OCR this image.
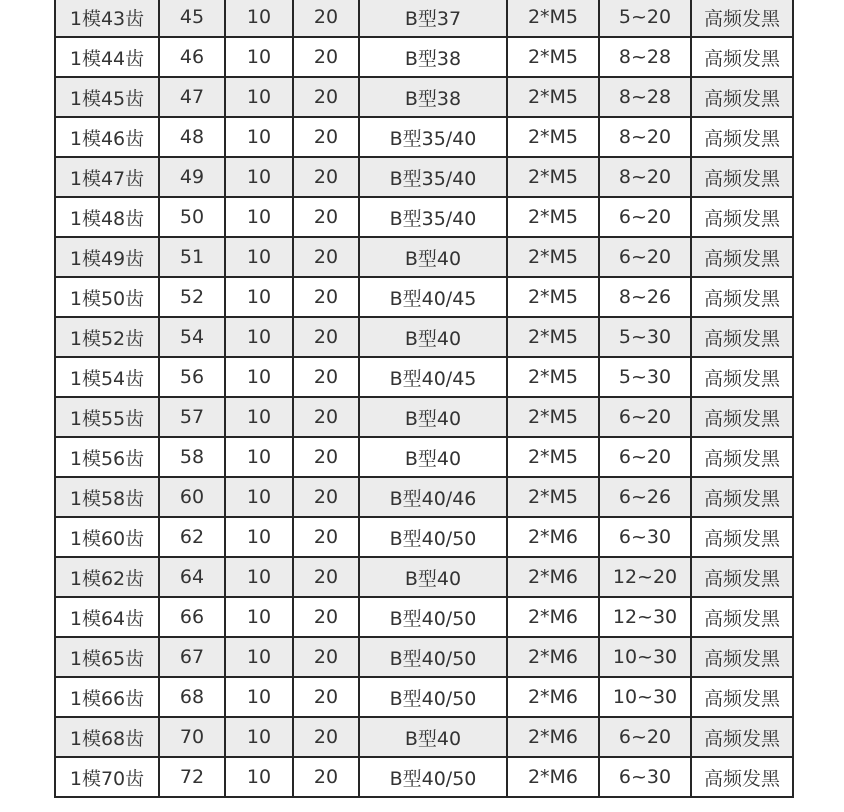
1模43齿	45	10	20	B型37	2*M5	5~20	高频发黑
1模44齿	46	10	20	B型38	2*M5	8~28	高频发黑
1模45齿	47	10	20	B型38	2*M5	8~28	高频发黑
1模46齿	48	10	20	B型35/40	2*M5	8~20	高频发黑
1模47齿	49	10	20	B型35/40	2*M5	8~20	高频发黑
1模48齿	50	10	20	B型35/40	2*M5	6~20	高频发黑
1模49齿	51	10	20	B型40	2*M5	6~20	高频发黑
1模50齿	52	10	20	B型40/45	2*M5	8~26	高频发黑
1模52齿	54	10	20	B型40	2*M5	5~30	高频发黑
1模54齿	56	10	20	B型40/45	2*M5	5~30	高频发黑
1模55齿	57	10	20	B型40	2*M5	6~20	高频发黑
1模56齿	58	10	20	B型40	2*M5	6~20	高频发黑
1模58齿	60	10	20	B型40/46	2*M5	6~26	高频发黑
1模60齿	62	10	20	B型40/50	2*M6	6~30	高频发黑
1模62齿	64	10	20	B型40	2*M6	12~20	高频发黑
1模64齿	66	10	20	B型40/50	2*M6	12~30	高频发黑
1模65齿	67	10	20	B型40/50	2*M6	10~30	高频发黑
1模66齿	68	10	20	B型40/50	2*M6	10~30	高频发黑
1模68齿	70	10	20	B型40	2*M6	6~20	高频发黑
1模70齿	72	10	20	B型40/50	2*M6	6~30	高频发黑
